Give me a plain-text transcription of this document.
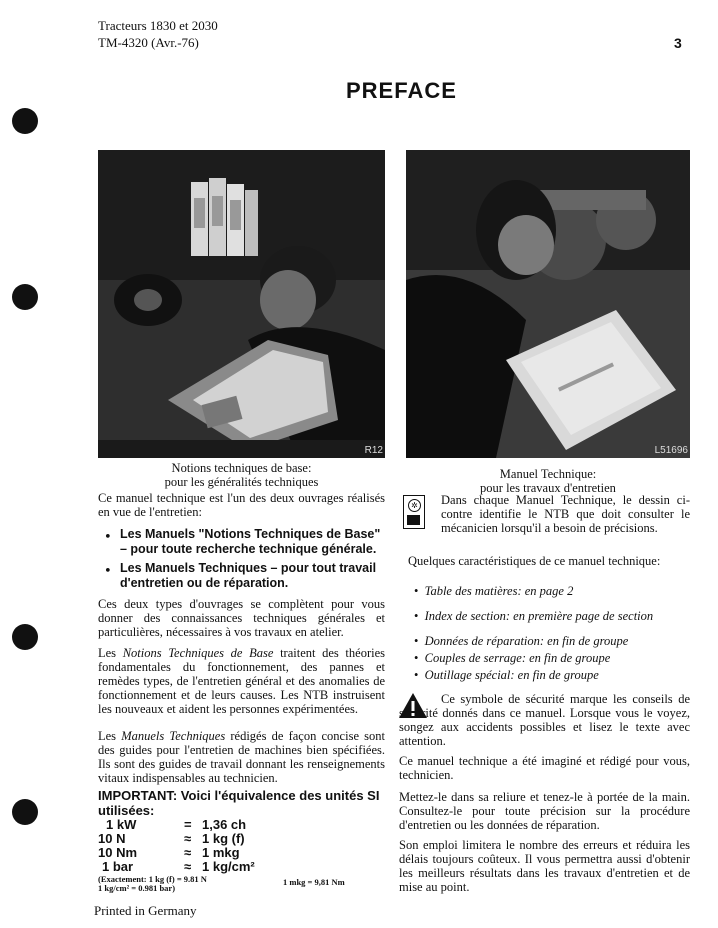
Tracteurs 1830 et 2030
TM-4320 (Avr.-76)	3
PREFACE
R12	L51696
Notions techniques de base:
pour les généralités techniques
Manuel Technique:
pour les travaux d'entretien
Ce manuel technique est l'un des deux ouvrages réalisés en vue de l'entretien:
• Les Manuels "Notions Techniques de Base" – pour toute recherche technique générale.
• Les Manuels Techniques – pour tout travail d'entretien ou de réparation.
Ces deux types d'ouvrages se complètent pour vous donner des connaissances techniques générales et particulières, nécessaires à vos travaux en atelier.
Les Notions Techniques de Base traitent des théories fondamentales du fonctionnement, des pannes et remèdes types, de l'entretien général et des anomalies de fonctionnement et de leurs causes. Les NTB instruisent les nouveaux et aident les personnes expérimentées.
Les Manuels Techniques rédigés de façon concise sont des guides pour l'entretien de machines bien spécifiées. Ils sont des guides de travail donnant les renseignements vitaux indispensables au technicien.
IMPORTANT: Voici l'équivalence des unités SI utilisées:
1 kW	=	1,36 ch
10 N	≈	1 kg (f)
10 Nm	≈	1 mkg
1 bar	≈	1 kg/cm²
(Exactement: 1 kg (f) = 9.81 N
1 kg/cm² = 0.981 bar)
1 mkg = 9,81 Nm
Printed in Germany
✲ Dans chaque Manuel Technique, le dessin ci-contre identifie le NTB que doit consulter le mécanicien lorsqu'il a besoin de précisions.
Quelques caractéristiques de ce manuel technique:
•  Table des matières: en page 2
•  Index de section: en première page de section
•  Données de réparation: en fin de groupe
•  Couples de serrage: en fin de groupe
•  Outillage spécial: en fin de groupe
Ce symbole de sécurité marque les conseils de sécurité donnés dans ce manuel. Lorsque vous le voyez, songez aux accidents possibles et lisez le texte avec attention.
Ce manuel technique a été imaginé et rédigé pour vous, technicien.
Mettez-le dans sa reliure et tenez-le à portée de la main. Consultez-le pour toute précision sur la procédure d'entretien ou les données de réparation.
Son emploi limitera le nombre des erreurs et réduira les délais toujours coûteux. Il vous permettra aussi d'obtenir les meilleurs résultats dans les travaux d'entretien et de mise au point.
